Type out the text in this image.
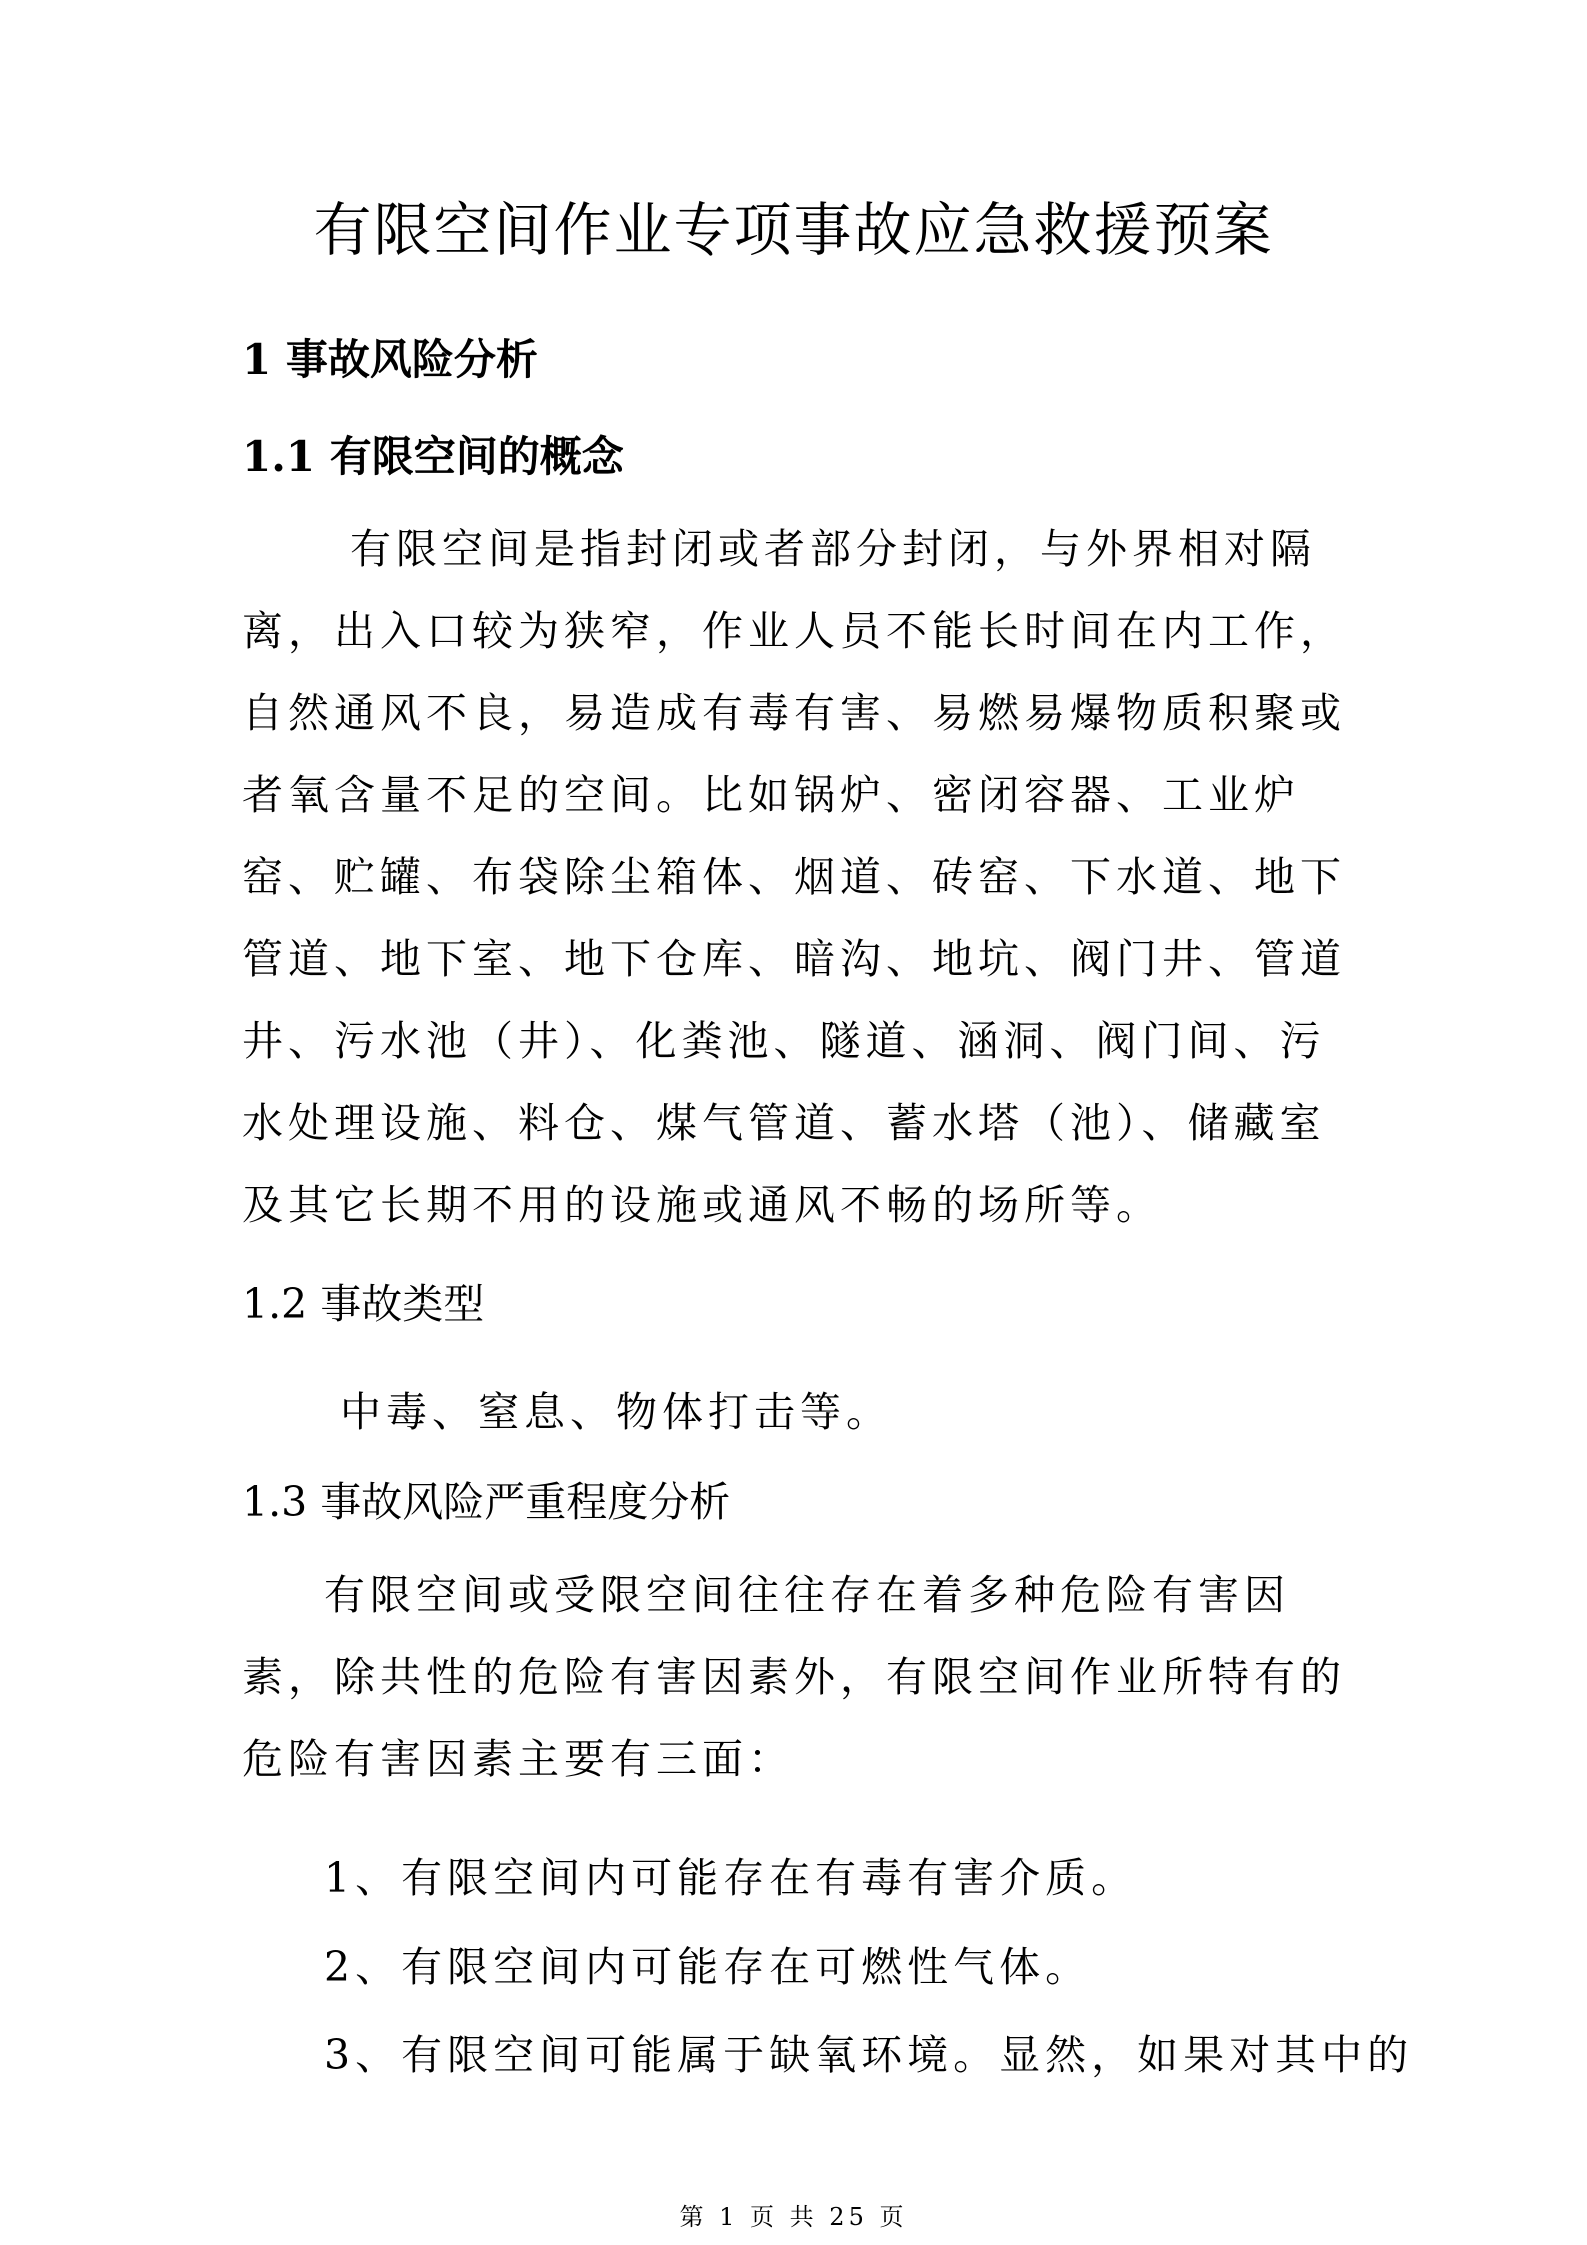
有限空间作业专项事故应急救援预案
1 事故风险分析
1.1 有限空间的概念
有限空间是指封闭或者部分封闭，与外界相对隔离，出入口较为狭窄，作业人员不能长时间在内工作，自然通风不良，易造成有毒有害、易燃易爆物质积聚或者氧含量不足的空间。比如锅炉、密闭容器、工业炉窑、贮罐、布袋除尘箱体、烟道、砖窑、下水道、地下管道、地下室、地下仓库、暗沟、地坑、阀门井、管道井、污水池（井）、化粪池、隧道、涵洞、阀门间、污水处理设施、料仓、煤气管道、蓄水塔（池）、储藏室及其它长期不用的设施或通风不畅的场所等。
1.2 事故类型
中毒、窒息、物体打击等。
1.3 事故风险严重程度分析
有限空间或受限空间往往存在着多种危险有害因素，除共性的危险有害因素外，有限空间作业所特有的危险有害因素主要有三面：
1、有限空间内可能存在有毒有害介质。
2、有限空间内可能存在可燃性气体。
3、有限空间可能属于缺氧环境。显然，如果对其中的
第 1 页 共 25 页
